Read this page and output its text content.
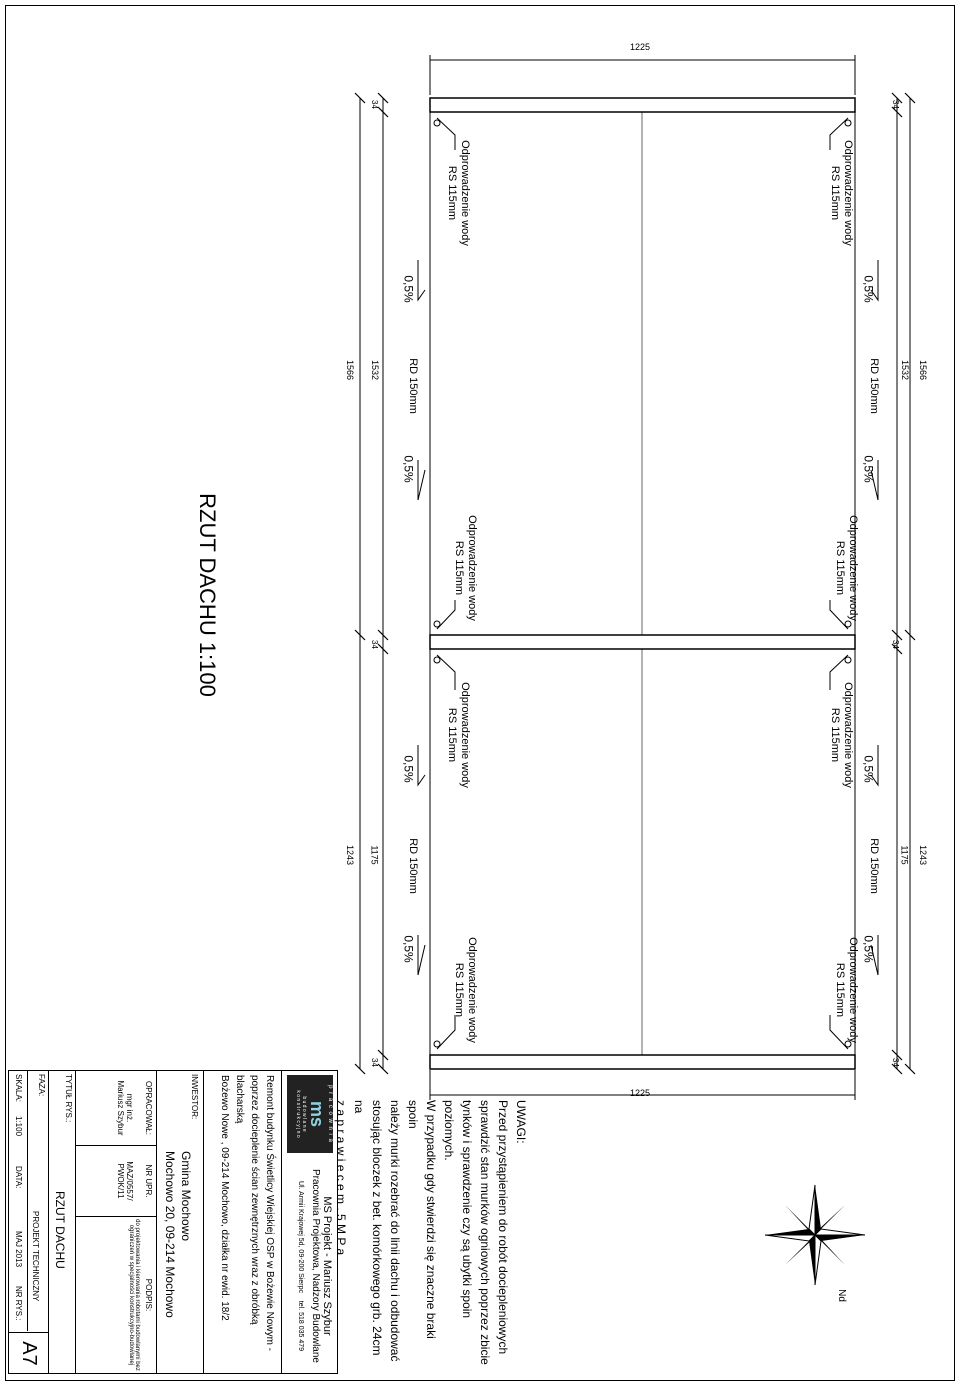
1225
1225
34
34
34
34
34
34
1566 1532	1532 1566
1243 1175	1175 1243
Odprowadzenie wody
RS 115mm	Odprowadzenie wody
RS 115mm
Odprowadzenie wody
RS 115mm	Odprowadzenie wody
RS 115mm
Odprowadzenie wody
RS 115mm	Odprowadzenie wody
RS 115mm
Odprowadzenie wody
RS 115mm	Odprowadzenie wody
RS 115mm
RD 150mm	RD 150mm
RD 150mm	RD 150mm
0,5%
0,5%
0,5%
0,5%
0,5%
0,5%
0,5%
0,5%
RZUT DACHU 1:100
Nd
UWAGI:
Przed przystąpieniem do robót dociepleniowych
sprawdzić stan murków ogniowych poprzez zbicie
tynków i sprawdzenie czy są ubytki spoin poziomych.
W przypadku gdy stwierdzi się znaczne braki spoin
należy murki rozebrać do linii dachu i odbudować
stosując bloczek z bet. komórkowego grb. 24cm na
z a p r a w i e c e m . 5 M P a
p r a c o w n i a
ms
b u d o w l a n e
k o n s t r u k c y j n o
MS Projekt - Mariusz Szybur
Pracownia Projektowa, Nadzory Budowlane
Ul. Armii Krajowej 5d, 09-200 Sierpc    tel. 518 035 479
Remont budynku Świetlicy Wiejskiej OSP w Bożewie Nowym -
poprzez docieplenie ścian zewnętrznych wraz z obróbką blacharską
Bożewo Nowe , 09-214 Mochowo, działka nr ewid. 18/2
INWESTOR:
Gmina Mochowo
Mochowo 20, 09-214 Mochowo
OPRACOWAŁ:
mgr inż.
Mariusz Szybur
NR UPR.
MAZ/0557/
PWOK/11
PODPIS:
do projektowania i kierowania robotami budowlanymi bez
ograniczeń w specjalności konstrukcyjno-budowlanej
TYTUŁ RYS.:
RZUT DACHU
FAZA:
PROJEKT TECHNICZNY
SKALA:
1:100
DATA:
MAJ 2013
NR RYS.:
A7
